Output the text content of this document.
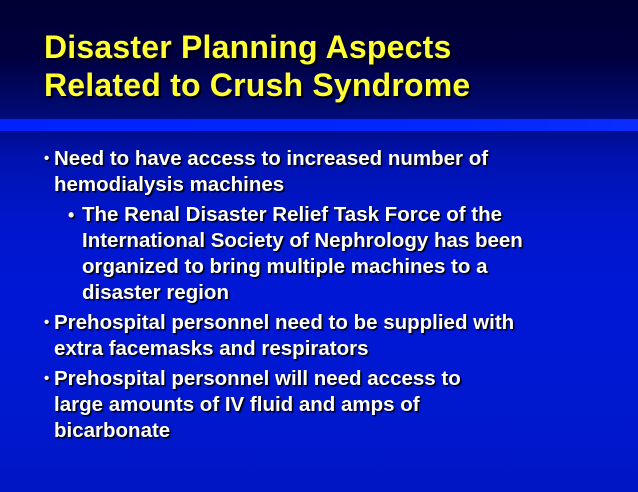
Disaster Planning Aspects
Related to Crush Syndrome
• Need to have access to increased number of
hemodialysis machines
• The Renal Disaster Relief Task Force of the
International Society of Nephrology has been
organized to bring multiple machines to a
disaster region
• Prehospital personnel need to be supplied with
extra facemasks and respirators
• Prehospital personnel will need access to
large amounts of IV fluid and amps of
bicarbonate
